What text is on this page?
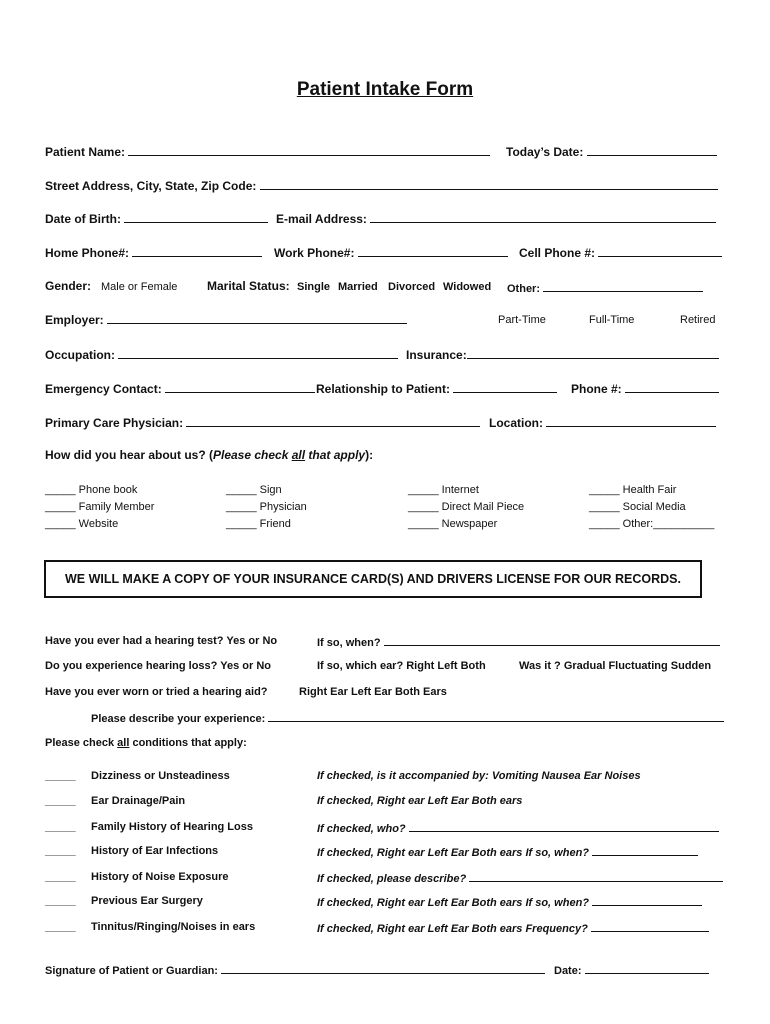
Patient Intake Form
Patient Name:	Today’s Date:
Street Address, City, State, Zip Code:
Date of Birth:	E-mail Address:
Home Phone#:	Work Phone#:	Cell Phone #:
Gender: Male or Female Marital Status: Single Married Divorced Widowed Other:
Employer:	Part-Time	Full-Time	Retired
Occupation:	Insurance:
Emergency Contact:	Relationship to Patient:	Phone #:
Primary Care Physician:	Location:
How did you hear about us? (Please check all that apply):
_____ Phone book
_____ Family Member
_____ Website
_____ Sign
_____ Physician
_____ Friend
_____ Internet
_____ Direct Mail Piece
_____ Newspaper
_____ Health Fair
_____ Social Media
_____ Other:__________
WE WILL MAKE A COPY OF YOUR INSURANCE CARD(S) AND DRIVERS LICENSE FOR OUR RECORDS.
Have you ever had a hearing test? Yes or No	If so, when?
Do you experience hearing loss? Yes or No	If so, which ear? Right Left Both	Was it ? Gradual Fluctuating Sudden
Have you ever worn or tried a hearing aid?	Right Ear Left Ear Both Ears
Please describe your experience:
Please check all conditions that apply:
_____ Dizziness or Unsteadiness	If checked, is it accompanied by: Vomiting Nausea Ear Noises
_____ Ear Drainage/Pain	If checked, Right ear Left Ear Both ears
_____ Family History of Hearing Loss	If checked, who?
_____ History of Ear Infections	If checked, Right ear Left Ear Both ears If so, when?
_____ History of Noise Exposure	If checked, please describe?
_____ Previous Ear Surgery	If checked, Right ear Left Ear Both ears If so, when?
_____ Tinnitus/Ringing/Noises in ears	If checked, Right ear Left Ear Both ears Frequency?
Signature of Patient or Guardian:	Date:
